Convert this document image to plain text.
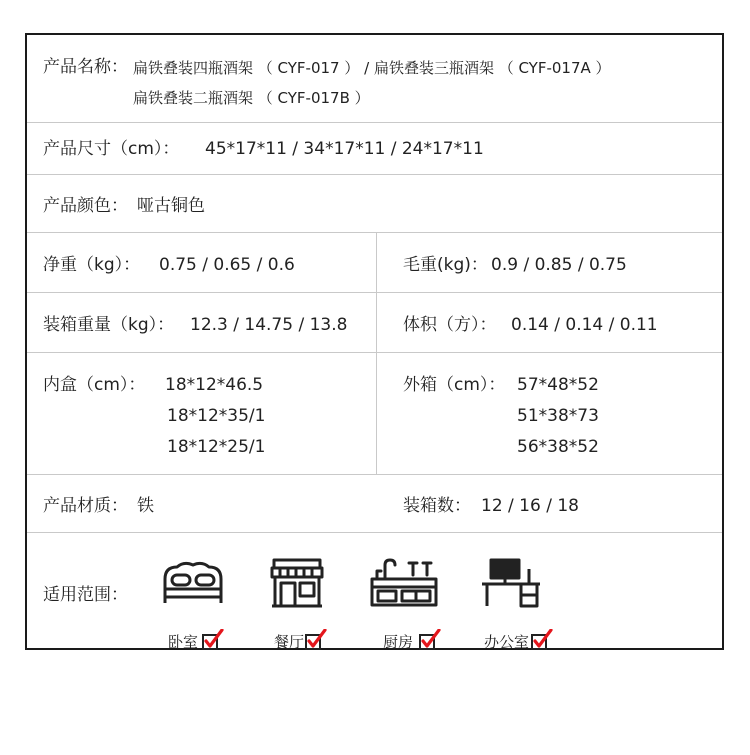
产品名称： 扁铁叠装四瓶酒架 （ CYF-017 ） / 扁铁叠装三瓶酒架 （ CYF-017A ）
扁铁叠装二瓶酒架 （ CYF-017B ）
产品尺寸（cm）： 45*17*11 / 34*17*11 / 24*17*11
产品颜色： 哑古铜色
净重（kg）： 0.75 / 0.65 / 0.6	毛重(kg)： 0.9 / 0.85 / 0.75
装箱重量（kg）： 12.3 / 14.75 / 13.8	体积（方）： 0.14 / 0.14 / 0.11
内盒（cm）： 18*12*46.5
18*12*35/1
18*12*25/1
外箱（cm）： 57*48*52
51*38*73
56*38*52
产品材质： 铁	装箱数： 12 / 16 / 18
适用范围：
卧室	餐厅	厨房	办公室
